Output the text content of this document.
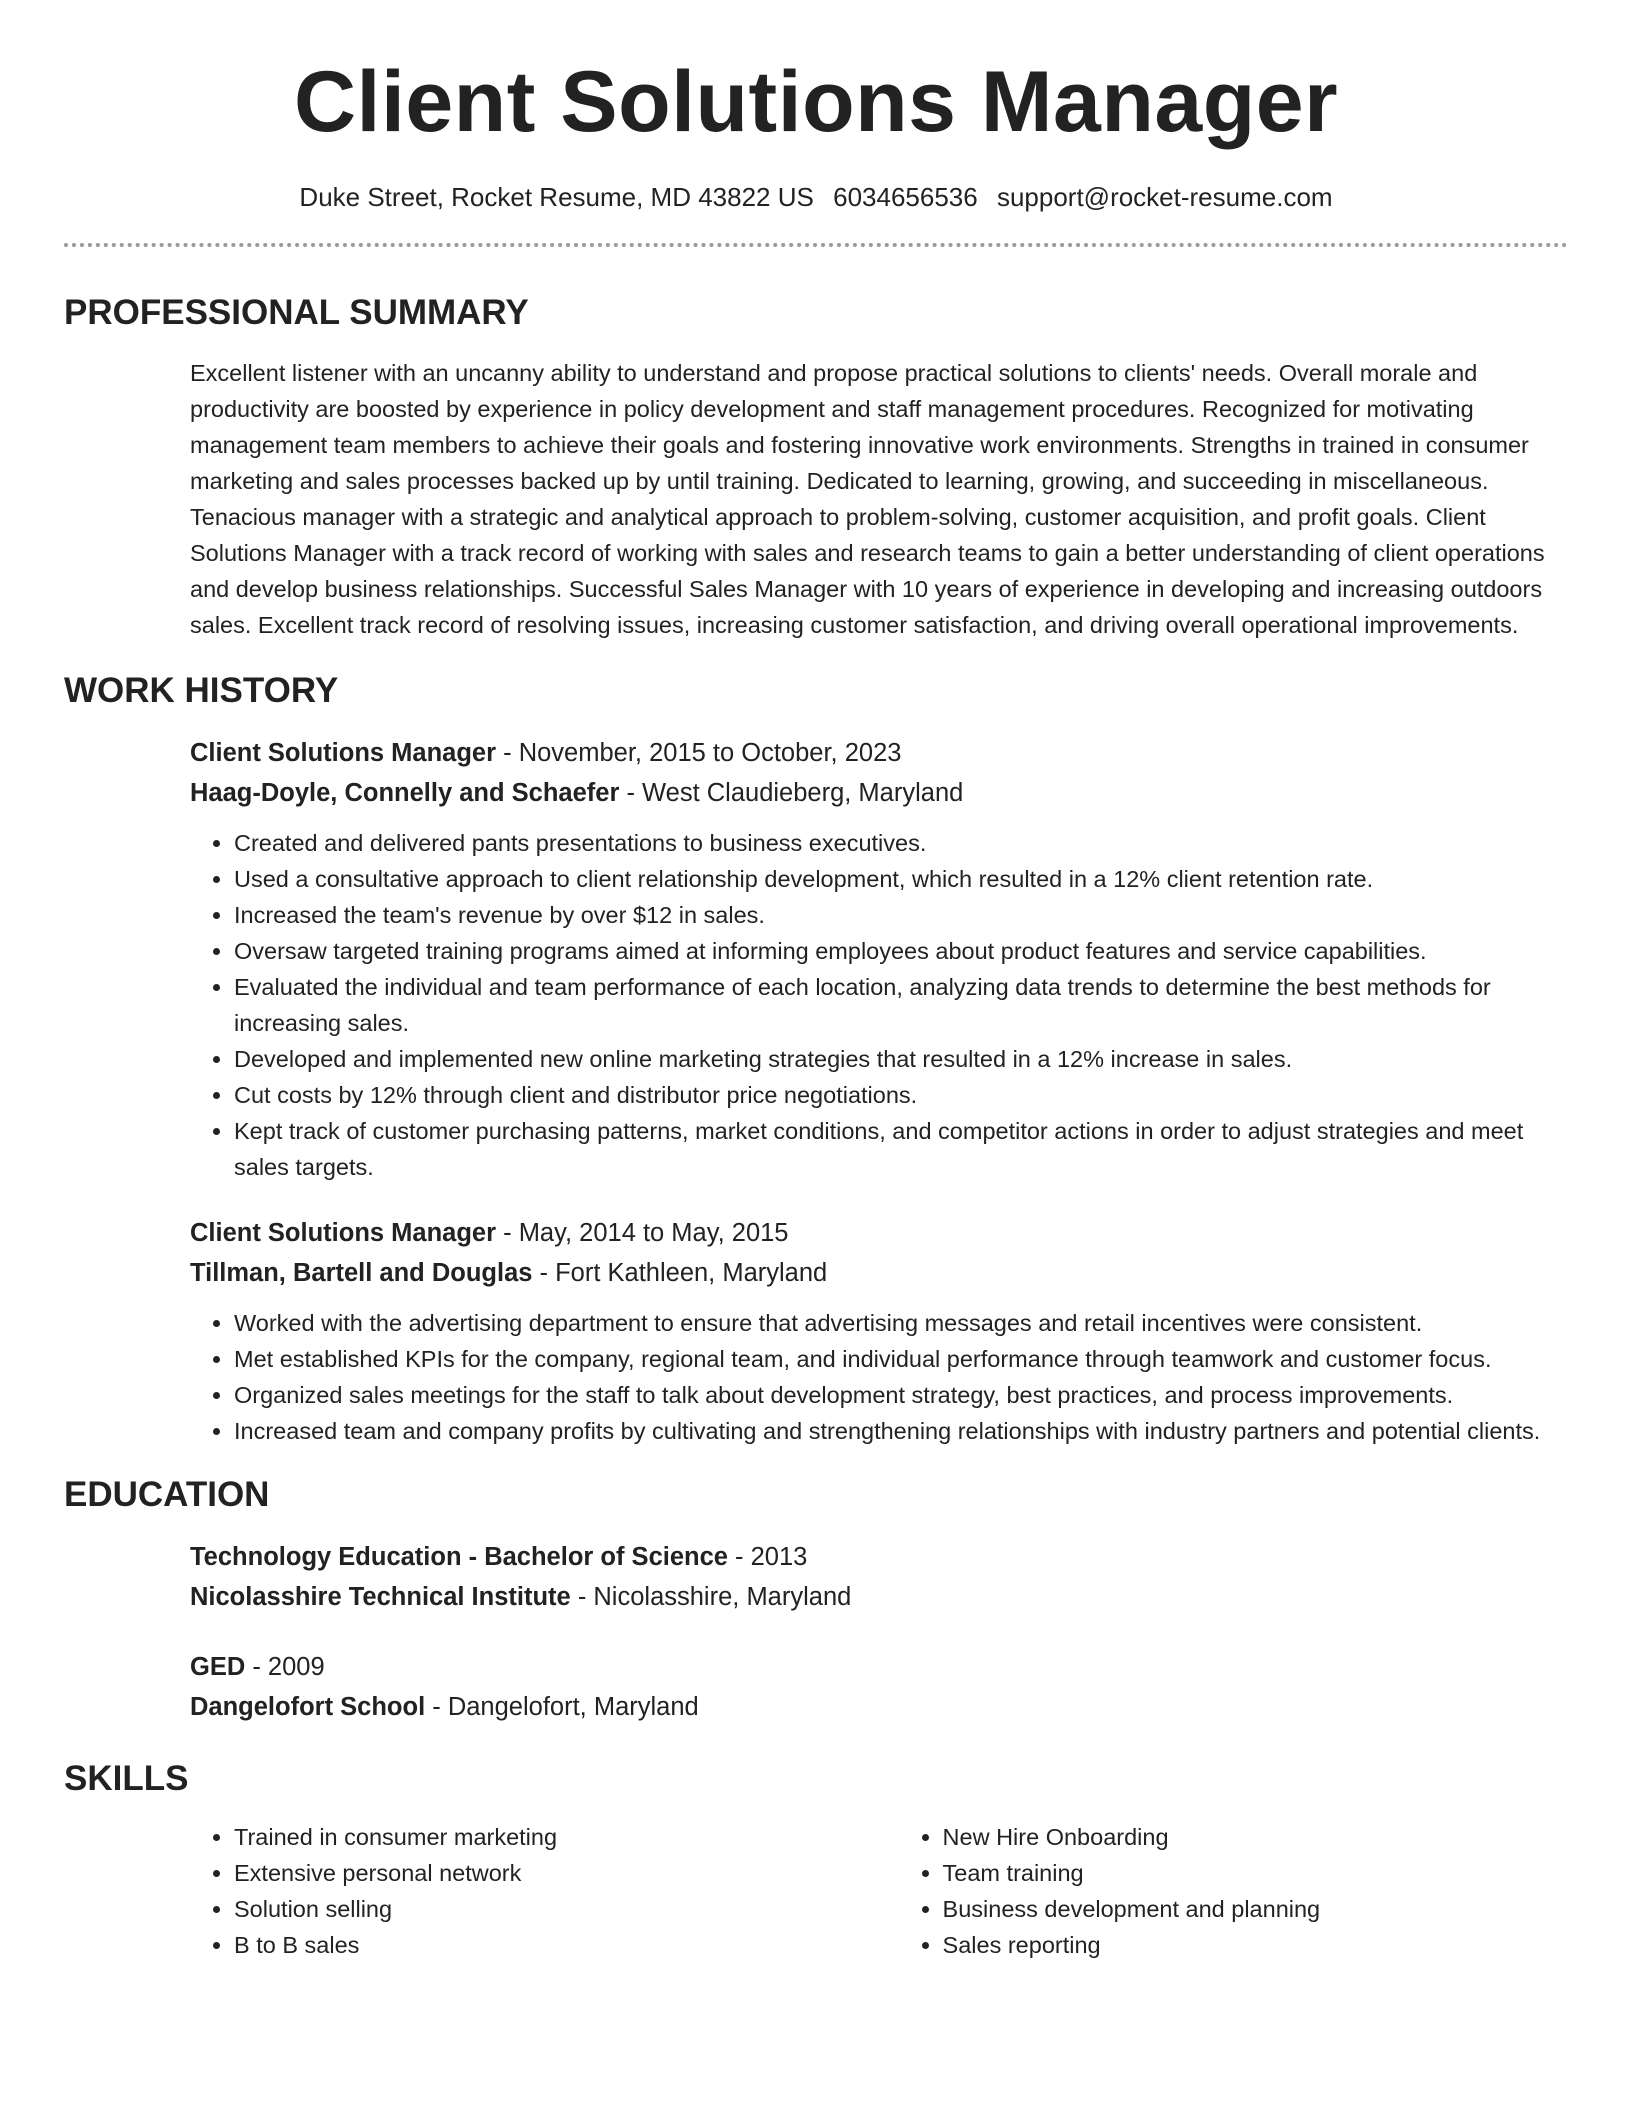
Client Solutions Manager
Duke Street, Rocket Resume, MD 43822 US 6034656536 support@rocket-resume.com
PROFESSIONAL SUMMARY

Excellent listener with an uncanny ability to understand and propose practical solutions to clients' needs. Overall morale and productivity are boosted by experience in policy development and staff management procedures. Recognized for motivating management team members to achieve their goals and fostering innovative work environments. Strengths in trained in consumer marketing and sales processes backed up by until training. Dedicated to learning, growing, and succeeding in miscellaneous. Tenacious manager with a strategic and analytical approach to problem-solving, customer acquisition, and profit goals. Client Solutions Manager with a track record of working with sales and research teams to gain a better understanding of client operations and develop business relationships. Successful Sales Manager with 10 years of experience in developing and increasing outdoors sales. Excellent track record of resolving issues, increasing customer satisfaction, and driving overall operational improvements.

WORK HISTORY
Client Solutions Manager - November, 2015 to October, 2023
Haag-Doyle, Connelly and Schaefer - West Claudieberg, Maryland
• Created and delivered pants presentations to business executives.
• Used a consultative approach to client relationship development, which resulted in a 12% client retention rate.
• Increased the team's revenue by over $12 in sales.
• Oversaw targeted training programs aimed at informing employees about product features and service capabilities.
• Evaluated the individual and team performance of each location, analyzing data trends to determine the best methods for increasing sales.
• Developed and implemented new online marketing strategies that resulted in a 12% increase in sales.
• Cut costs by 12% through client and distributor price negotiations.
• Kept track of customer purchasing patterns, market conditions, and competitor actions in order to adjust strategies and meet sales targets.
Client Solutions Manager - May, 2014 to May, 2015
Tillman, Bartell and Douglas - Fort Kathleen, Maryland
• Worked with the advertising department to ensure that advertising messages and retail incentives were consistent.
• Met established KPIs for the company, regional team, and individual performance through teamwork and customer focus.
• Organized sales meetings for the staff to talk about development strategy, best practices, and process improvements.
• Increased team and company profits by cultivating and strengthening relationships with industry partners and potential clients.
EDUCATION
Technology Education - Bachelor of Science - 2013
Nicolasshire Technical Institute - Nicolasshire, Maryland
GED - 2009
Dangelofort School - Dangelofort, Maryland
SKILLS
• Trained in consumer marketing
• Extensive personal network
• Solution selling
• B to B sales
• New Hire Onboarding
• Team training
• Business development and planning
• Sales reporting
